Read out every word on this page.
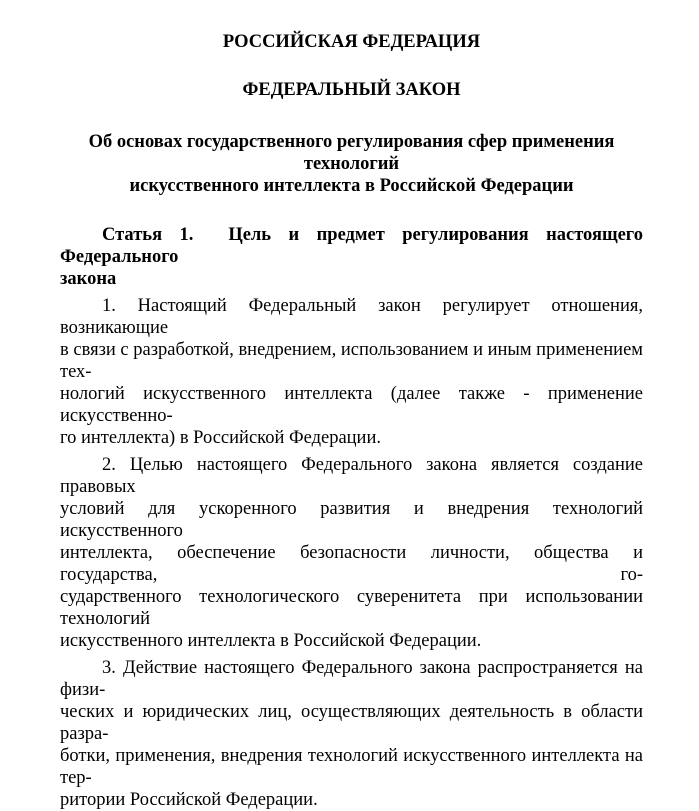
РОССИЙСКАЯ ФЕДЕРАЦИЯ

ФЕДЕРАЛЬНЫЙ ЗАКОН

Об основах государственного регулирования сфер применения технологий
искусственного интеллекта в Российской Федерации
Статья 1.  Цель и предмет регулирования настоящего Федерального
закона
1. Настоящий Федеральный закон регулирует отношения, возникающие
в связи с разработкой, внедрением, использованием и иным применением тех-
нологий искусственного интеллекта (далее также - применение искусственно-
го интеллекта) в Российской Федерации.
2. Целью настоящего Федерального закона является создание правовых
условий для ускоренного развития и внедрения технологий искусственного
интеллекта, обеспечение безопасности личности, общества и государства, го-
сударственного технологического суверенитета при использовании технологий
искусственного интеллекта в Российской Федерации.
3. Действие настоящего Федерального закона распространяется на физи-
ческих и юридических лиц, осуществляющих деятельность в области разра-
ботки, применения, внедрения технологий искусственного интеллекта на тер-
ритории Российской Федерации.
